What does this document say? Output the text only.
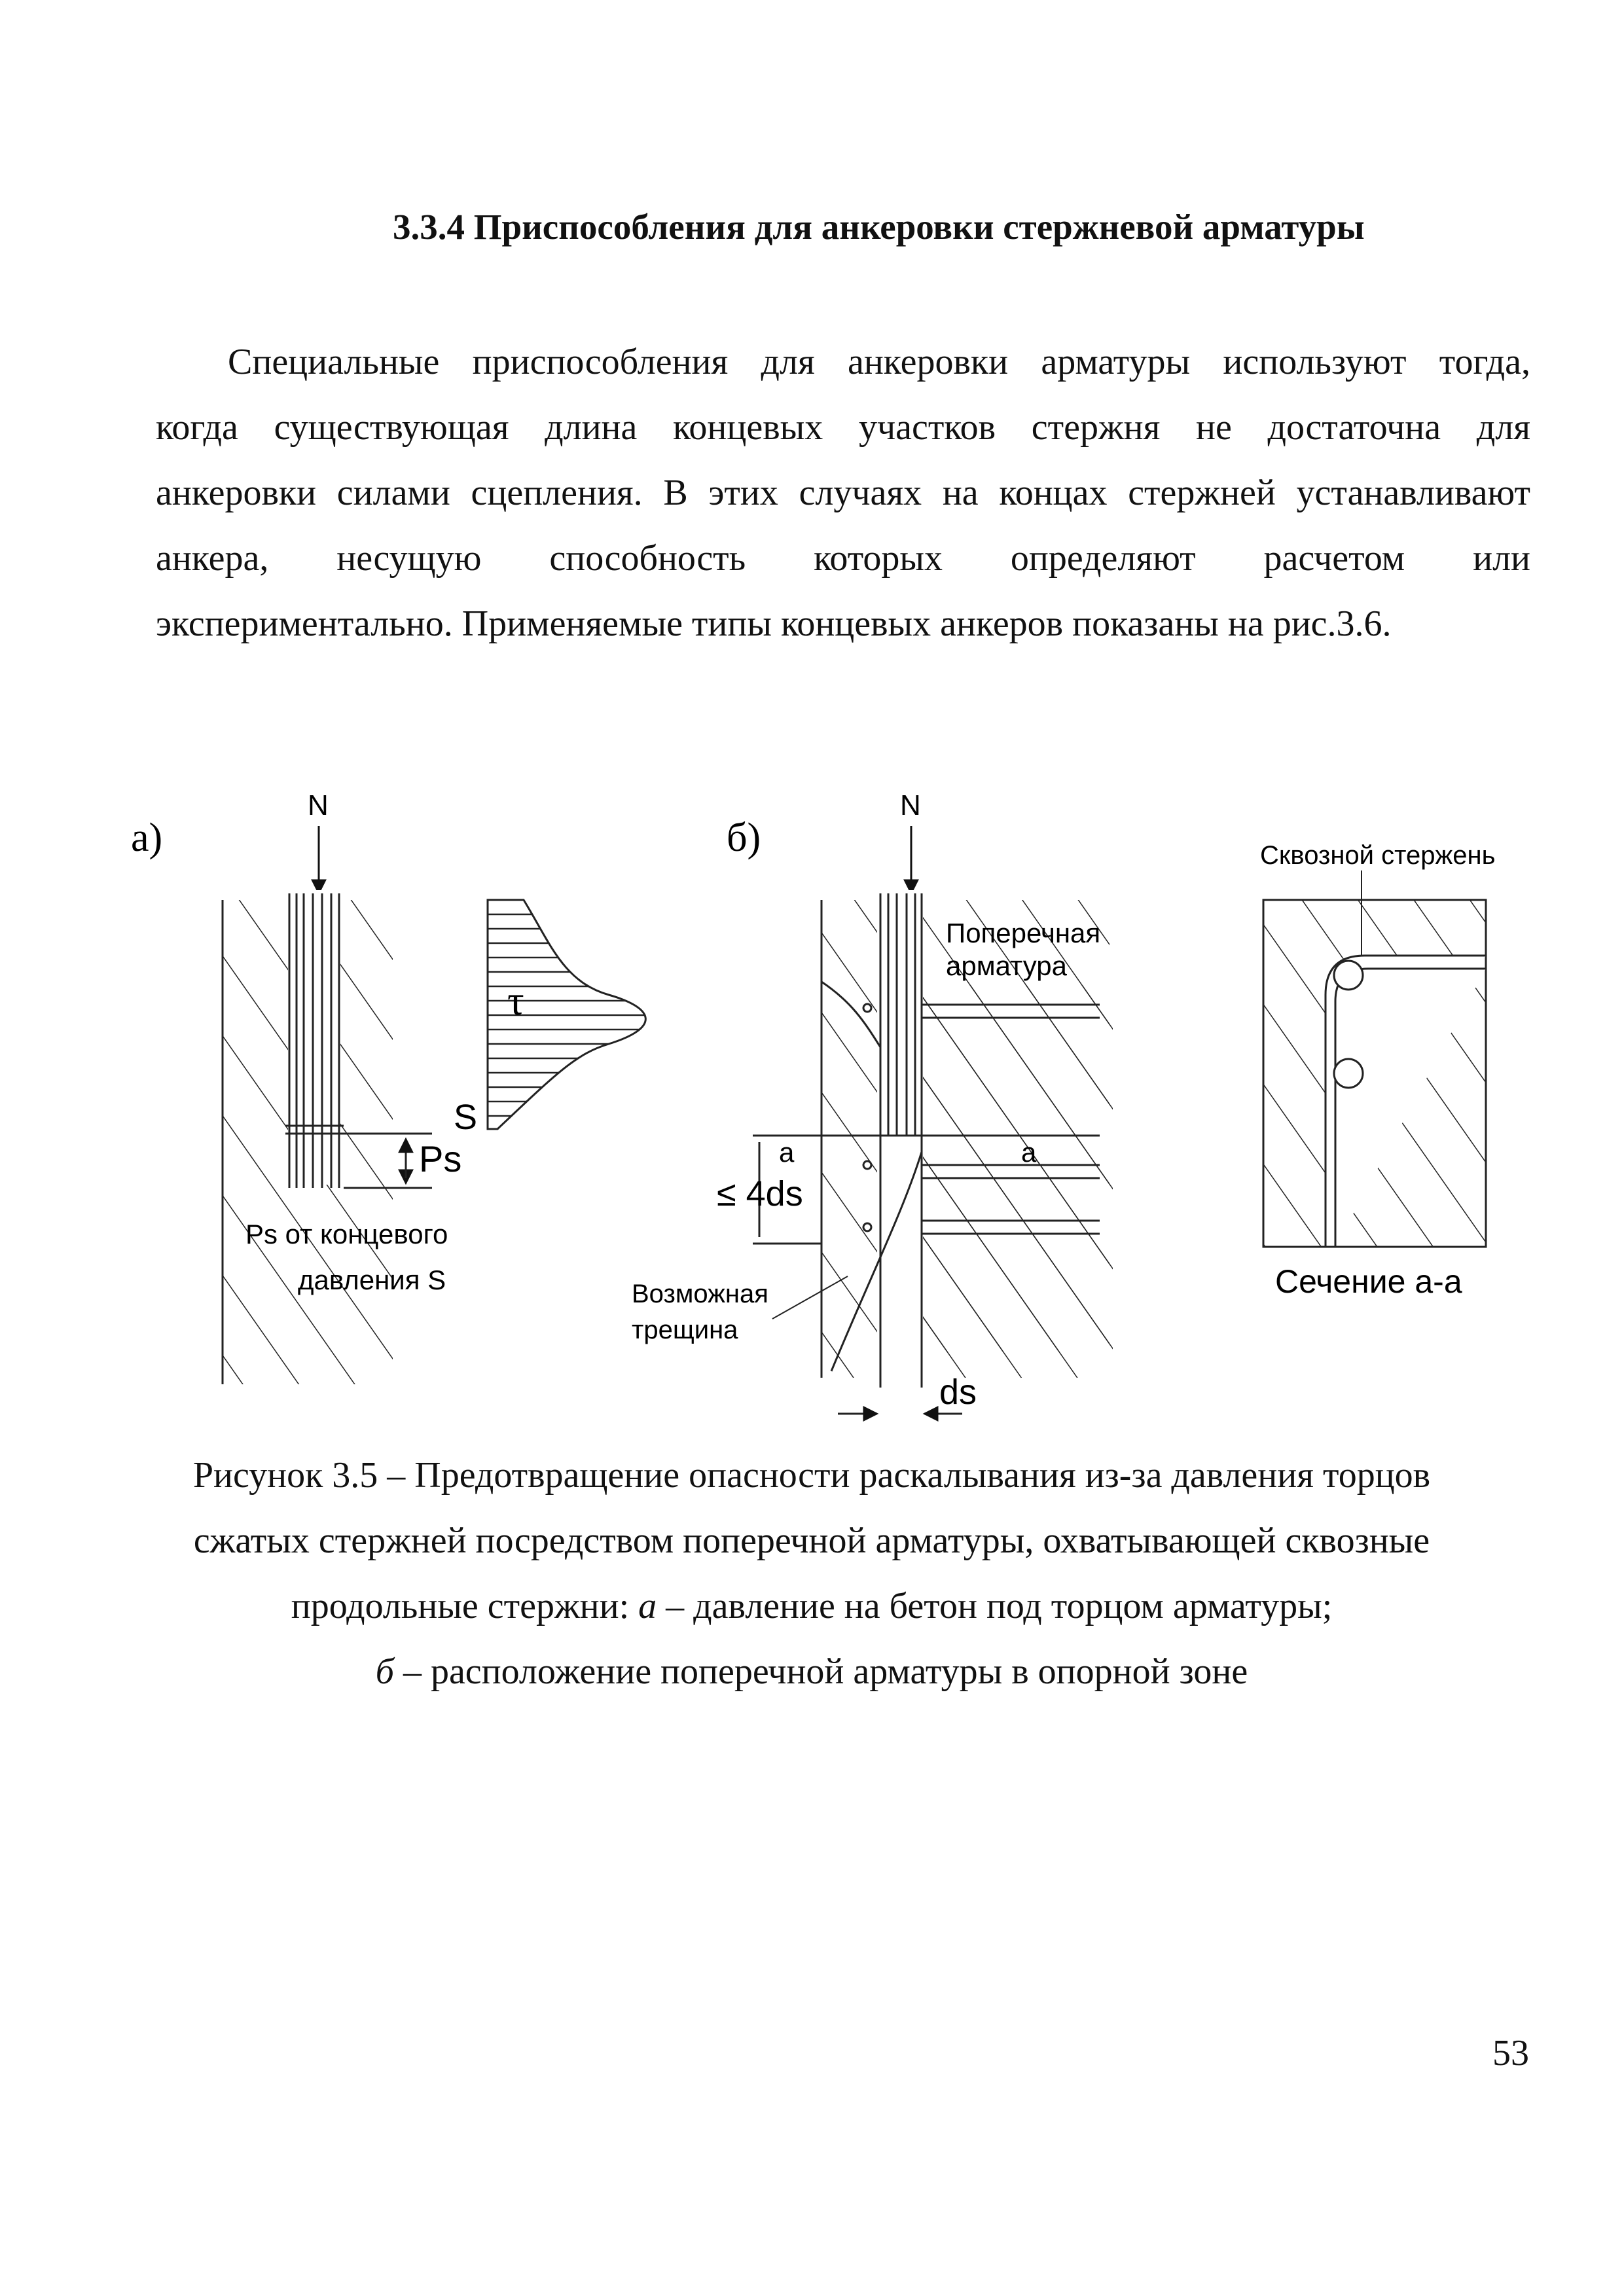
3.3.4 Приспособления для анкеровки стержневой арматуры
Специальные приспособления для анкеровки арматуры используют тогда,
когда существующая длина концевых участков стержня не достаточна для
анкеровки силами сцепления. В этих случаях на концах стержней устанавливают
анкера, несущую способность которых определяют расчетом или
экспериментально. Применяемые типы концевых анкеров показаны на рис.3.6.
а)
N
Ps
τ
S
Ps от концевого
давления S
б)
N
a	a
≤ 4ds
Поперечная
арматура
Возможная
трещина
ds
Сквозной стержень
Сечение а-а
Рисунок 3.5 – Предотвращение опасности раскалывания из-за давления торцов
сжатых стержней посредством поперечной арматуры, охватывающей сквозные
продольные стержни: а – давление на бетон под торцом арматуры;
б – расположение поперечной арматуры в опорной зоне
53
